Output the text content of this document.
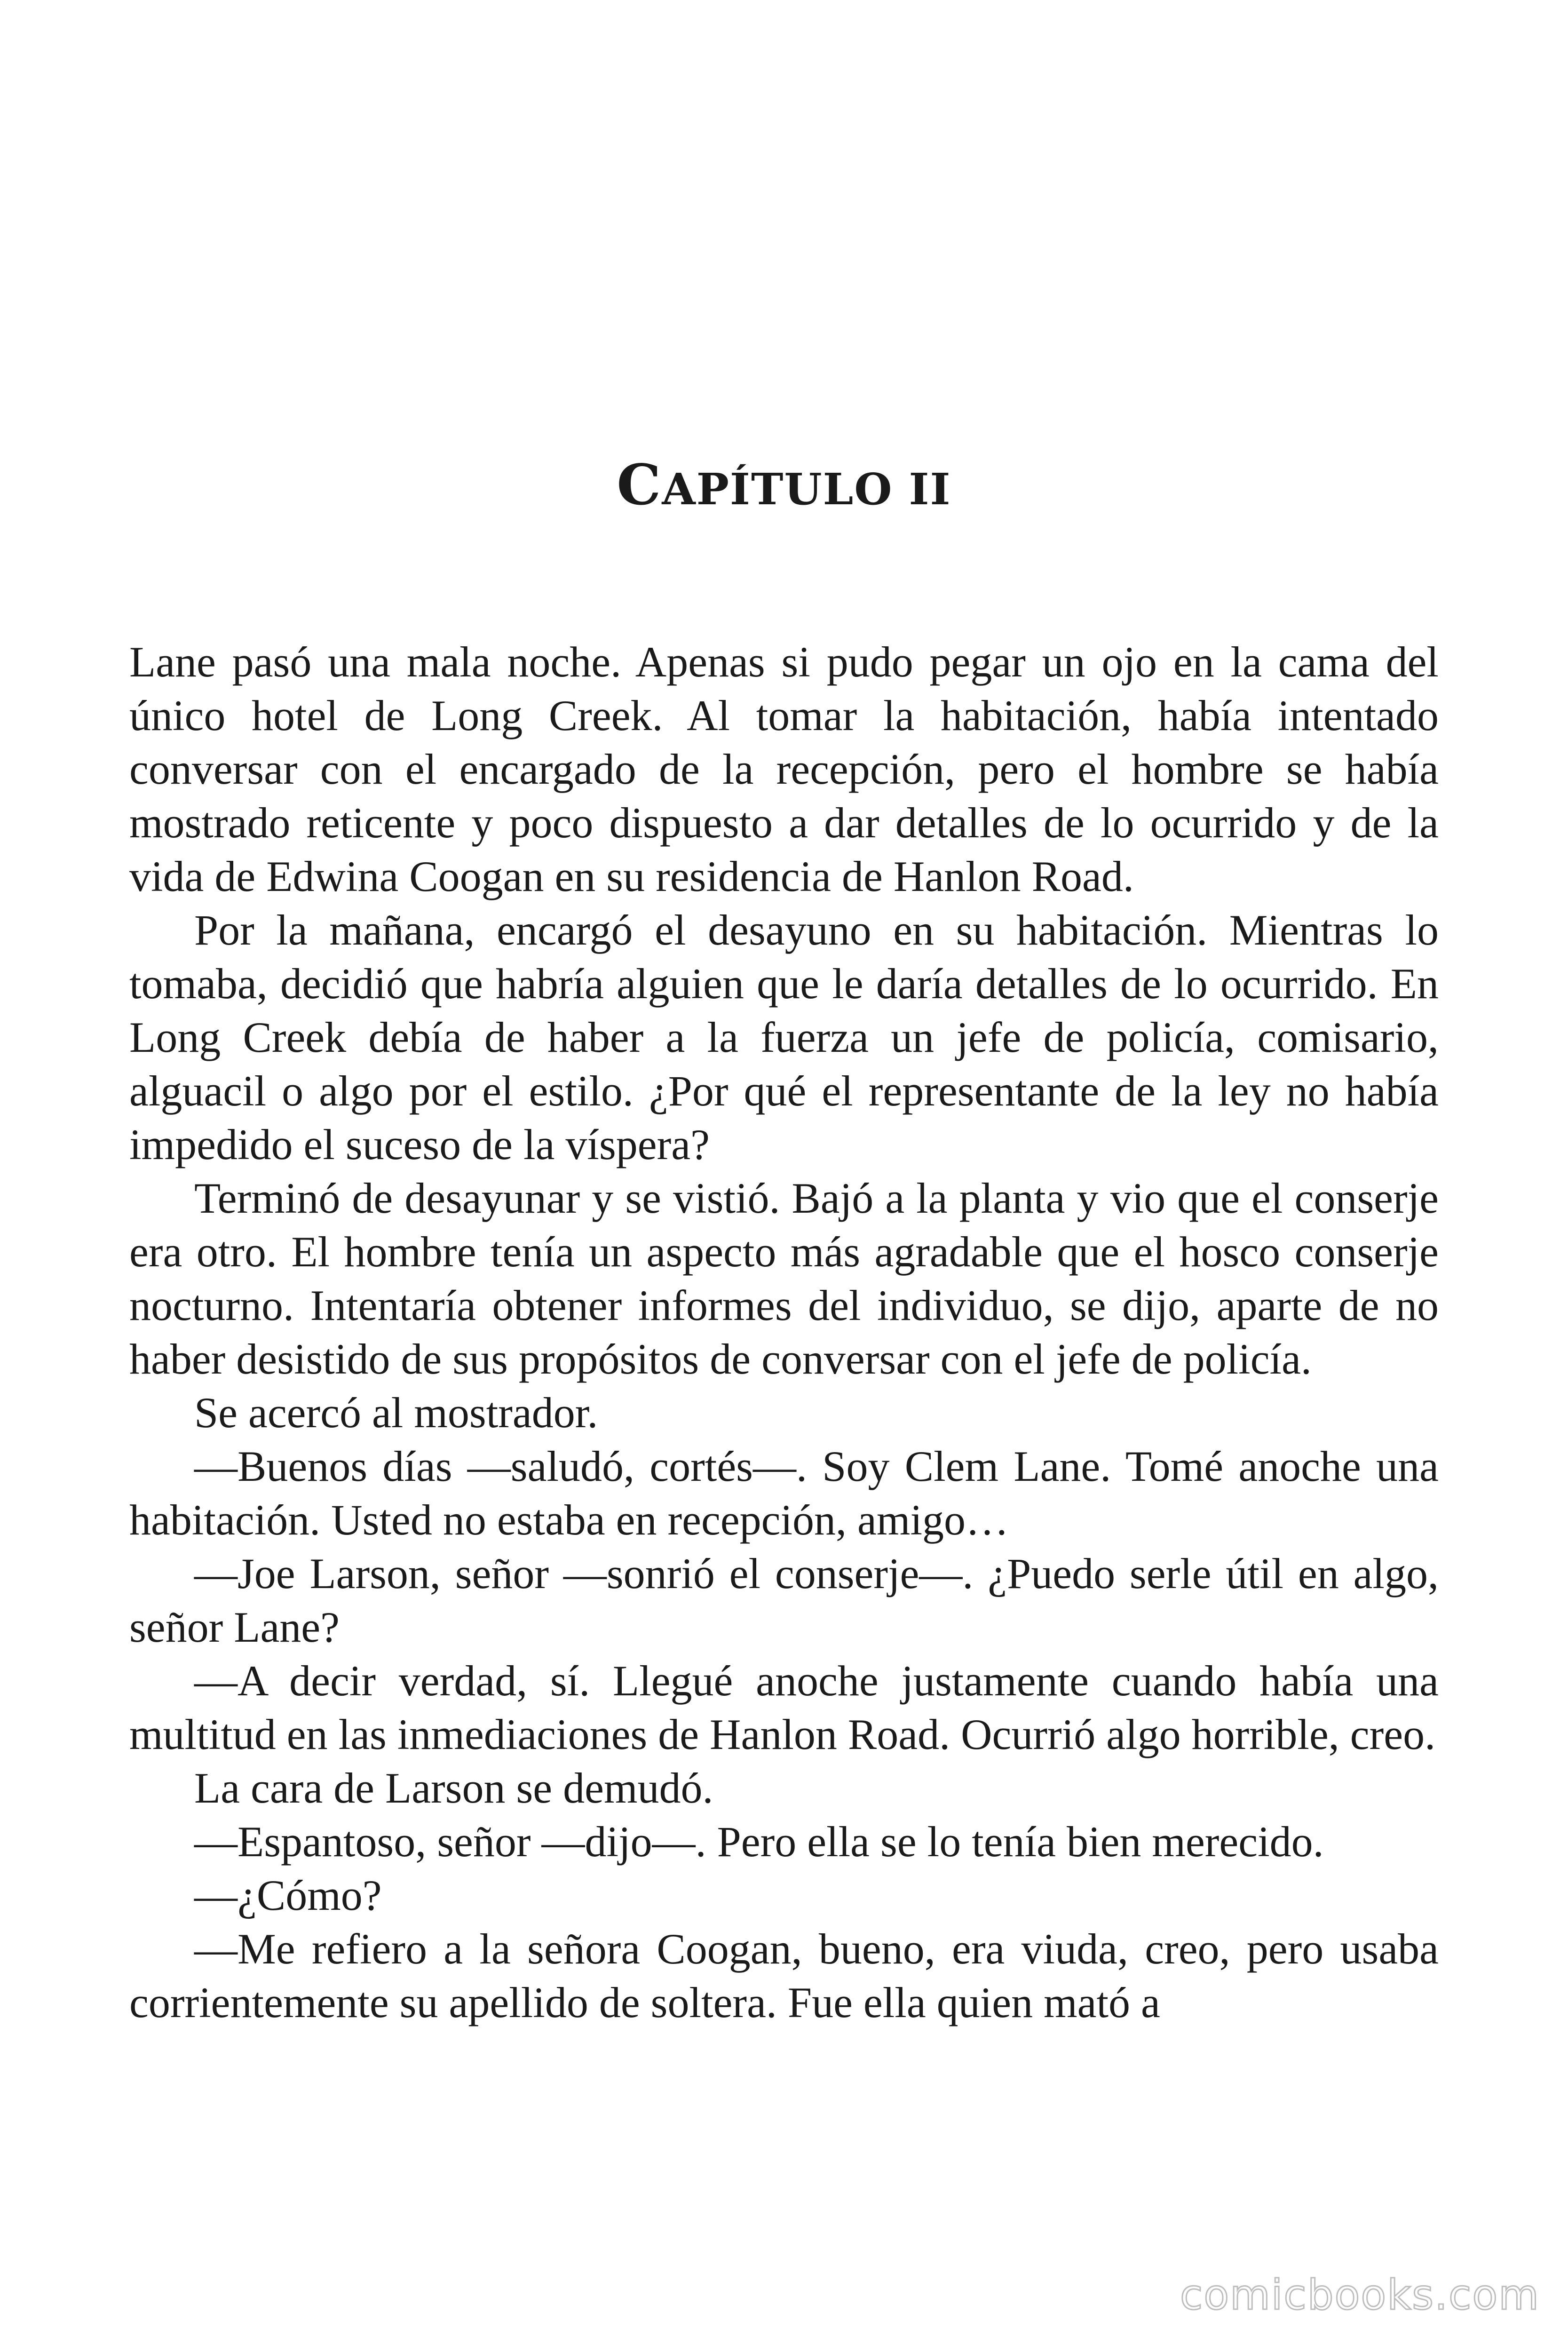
CAPÍTULO II

Lane pasó una mala noche. Apenas si pudo pegar un ojo en la cama del único hotel de Long Creek. Al tomar la habitación, había intentado conversar con el encargado de la recepción, pero el hombre se había mostrado reticente y poco dispuesto a dar detalles de lo ocurrido y de la vida de Edwina Coogan en su residencia de Hanlon Road.

Por la mañana, encargó el desayuno en su habitación. Mientras lo tomaba, decidió que habría alguien que le daría detalles de lo ocurrido. En Long Creek debía de haber a la fuerza un jefe de policía, comisario, alguacil o algo por el estilo. ¿Por qué el representante de la ley no había impedido el suceso de la víspera?

Terminó de desayunar y se vistió. Bajó a la planta y vio que el conserje era otro. El hombre tenía un aspecto más agradable que el hosco conserje nocturno. Intentaría obtener informes del individuo, se dijo, aparte de no haber desistido de sus propósitos de conversar con el jefe de policía.

Se acercó al mostrador.

—Buenos días —saludó, cortés—. Soy Clem Lane. Tomé anoche una habitación. Usted no estaba en recepción, amigo…

—Joe Larson, señor —sonrió el conserje—. ¿Puedo serle útil en algo, señor Lane?

—A decir verdad, sí. Llegué anoche justamente cuando había una multitud en las inmediaciones de Hanlon Road. Ocurrió algo horrible, creo.

La cara de Larson se demudó.

—Espantoso, señor —dijo—. Pero ella se lo tenía bien merecido.

—¿Cómo?

—Me refiero a la señora Coogan, bueno, era viuda, creo, pero usaba corrientemente su apellido de soltera. Fue ella quien mató a

comicbooks.com
